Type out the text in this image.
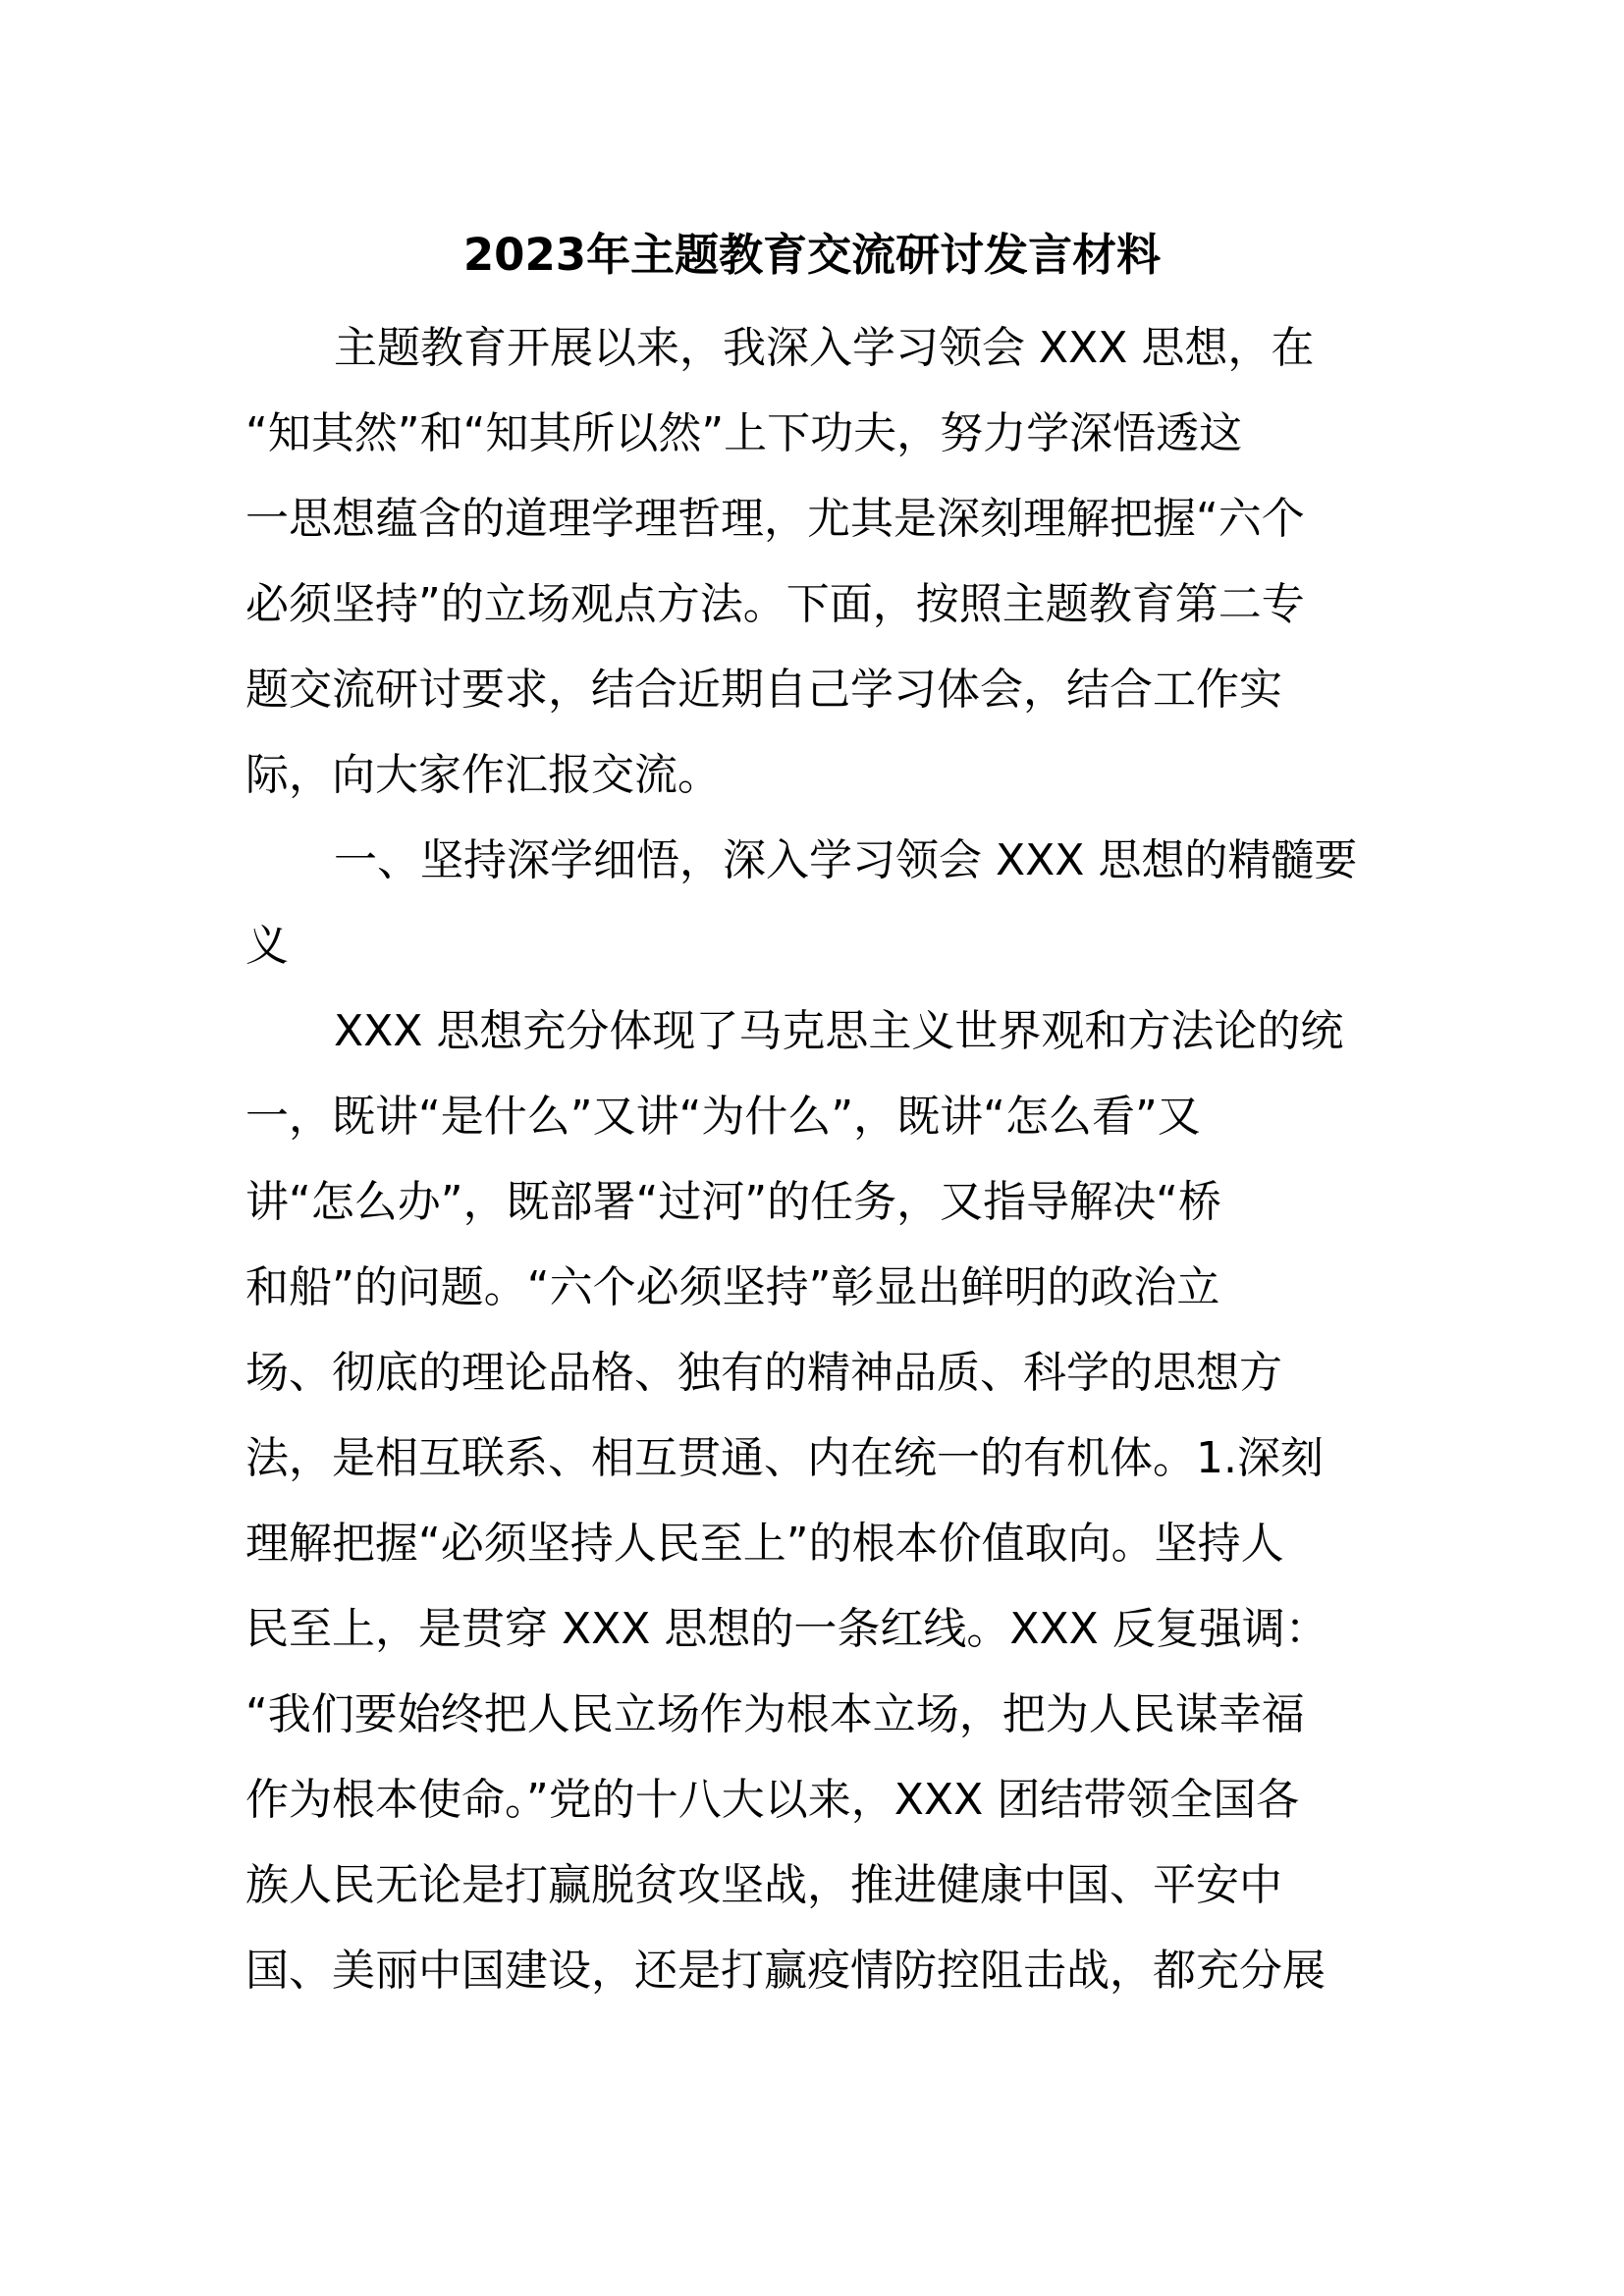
2023年主题教育交流研讨发言材料
主题教育开展以来，我深入学习领会 XXX 思想，在
“知其然”和“知其所以然”上下功夫，努力学深悟透这
一思想蕴含的道理学理哲理，尤其是深刻理解把握“六个
必须坚持”的立场观点方法。下面，按照主题教育第二专
题交流研讨要求，结合近期自己学习体会，结合工作实
际，向大家作汇报交流。
一、坚持深学细悟，深入学习领会 XXX 思想的精髓要
义
XXX 思想充分体现了马克思主义世界观和方法论的统
一，既讲“是什么”又讲“为什么”，既讲“怎么看”又
讲“怎么办”，既部署“过河”的任务，又指导解决“桥
和船”的问题。“六个必须坚持”彰显出鲜明的政治立
场、彻底的理论品格、独有的精神品质、科学的思想方
法，是相互联系、相互贯通、内在统一的有机体。1.深刻
理解把握“必须坚持人民至上”的根本价值取向。坚持人
民至上，是贯穿 XXX 思想的一条红线。XXX 反复强调：
“我们要始终把人民立场作为根本立场，把为人民谋幸福
作为根本使命。”党的十八大以来，XXX 团结带领全国各
族人民无论是打赢脱贫攻坚战，推进健康中国、平安中
国、美丽中国建设，还是打赢疫情防控阻击战，都充分展
